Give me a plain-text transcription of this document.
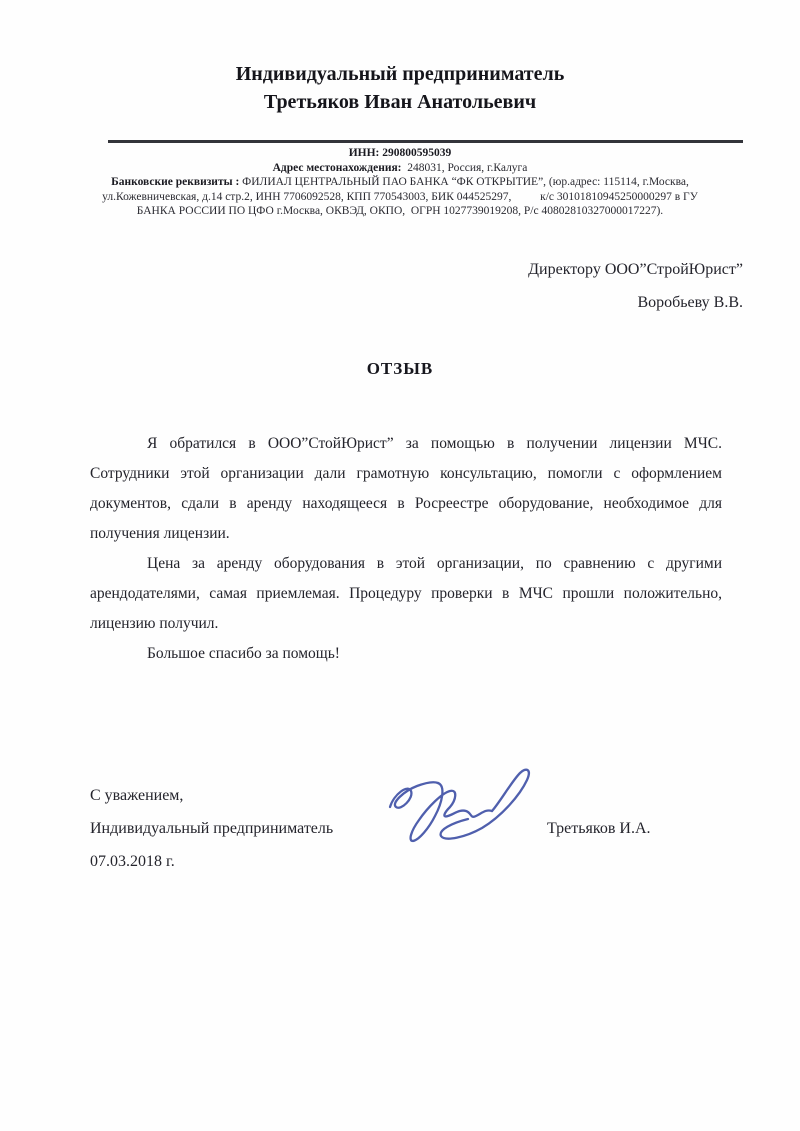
Индивидуальный предприниматель
Третьяков Иван Анатольевич
ИНН: 290800595039
Адрес местонахождения:  248031, Россия, г.Калуга
Банковские реквизиты : ФИЛИАЛ ЦЕНТРАЛЬНЫЙ ПАО БАНКА “ФК ОТКРЫТИЕ”, (юр.адрес: 115114, г.Москва,
ул.Кожевничевская, д.14 стр.2, ИНН 7706092528, КПП 770543003, БИК 044525297,          к/с 30101810945250000297 в ГУ
БАНКА РОССИИ ПО ЦФО г.Москва, ОКВЭД, ОКПО,  ОГРН 1027739019208, Р/с 40802810327000017227).
Директору ООО”СтройЮрист”
Воробьеву В.В.
ОТЗЫВ

Я обратился в ООО”СтойЮрист” за помощью в получении лицензии МЧС. Сотрудники этой организации дали грамотную консультацию, помогли с оформлением документов, сдали в аренду находящееся в Росреестре оборудование, необходимое для получения лицензии.

Цена за аренду оборудования в этой организации, по сравнению с другими арендодателями, самая приемлемая. Процедуру проверки в МЧС прошли положительно, лицензию получил.

Большое спасибо за помощь!

С уважением,
Индивидуальный предприниматель	Третьяков И.А.
07.03.2018 г.
